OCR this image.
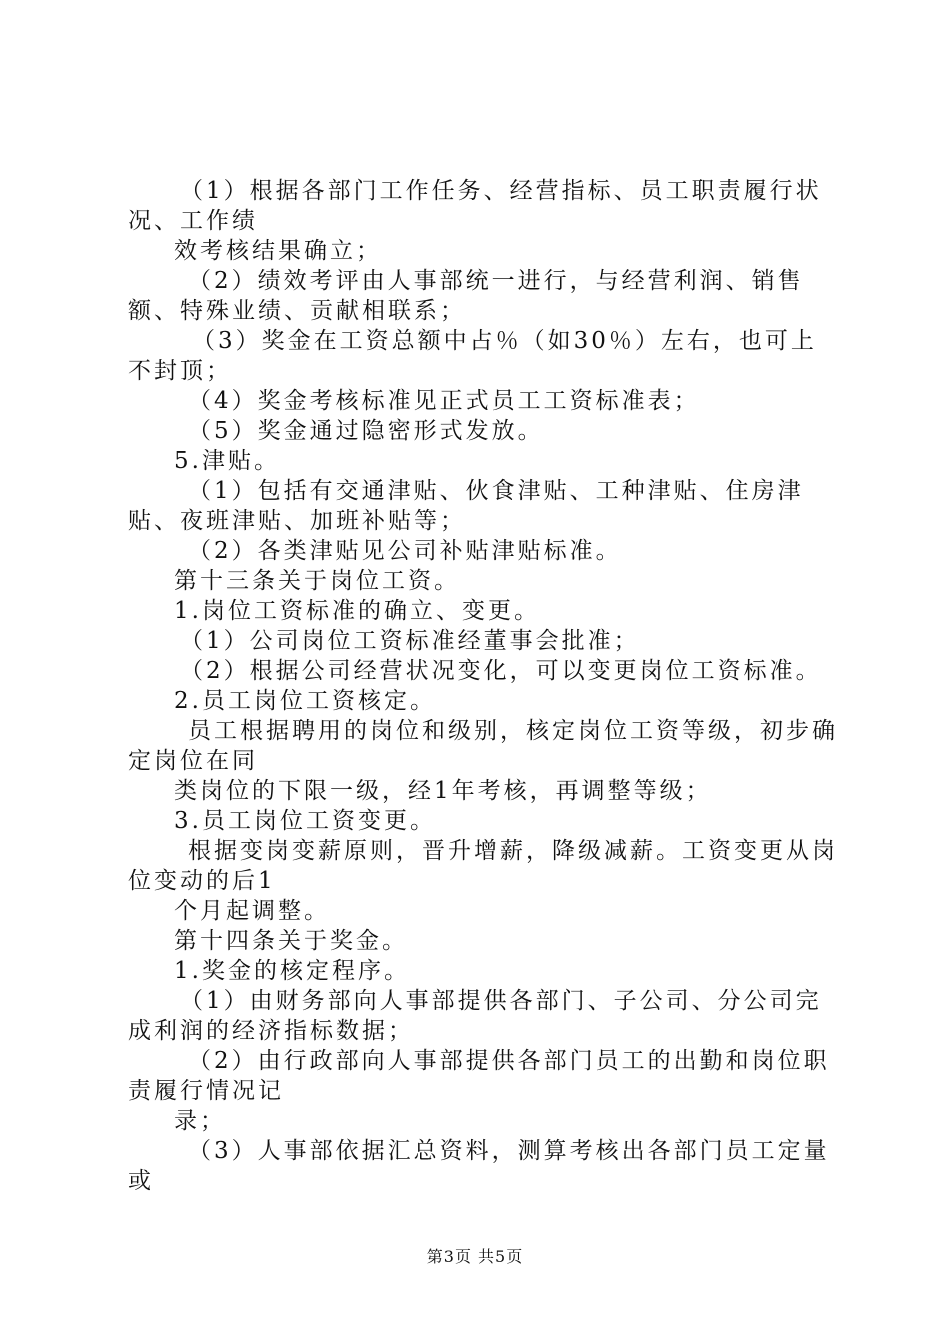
（1）根据各部门工作任务、经营指标、员工职责履行状况、工作绩

效考核结果确立；

（2）绩效考评由人事部统一进行，与经营利润、销售额、特殊业绩、贡献相联系；

（3）奖金在工资总额中占％（如30％）左右，也可上不封顶；

（4）奖金考核标准见正式员工工资标准表；

（5）奖金通过隐密形式发放。

5.津贴。

（1）包括有交通津贴、伙食津贴、工种津贴、住房津贴、夜班津贴、加班补贴等；

（2）各类津贴见公司补贴津贴标准。

第十三条关于岗位工资。

1.岗位工资标准的确立、变更。

（1）公司岗位工资标准经董事会批准；

（2）根据公司经营状况变化，可以变更岗位工资标准。

2.员工岗位工资核定。

员工根据聘用的岗位和级别，核定岗位工资等级，初步确定岗位在同

类岗位的下限一级，经1年考核，再调整等级；

3.员工岗位工资变更。

根据变岗变薪原则，晋升增薪，降级减薪。工资变更从岗位变动的后1

个月起调整。

第十四条关于奖金。

1.奖金的核定程序。

（1）由财务部向人事部提供各部门、子公司、分公司完成利润的经济指标数据；

（2）由行政部向人事部提供各部门员工的出勤和岗位职责履行情况记

录；

（3）人事部依据汇总资料，测算考核出各部门员工定量或

第3页 共5页
